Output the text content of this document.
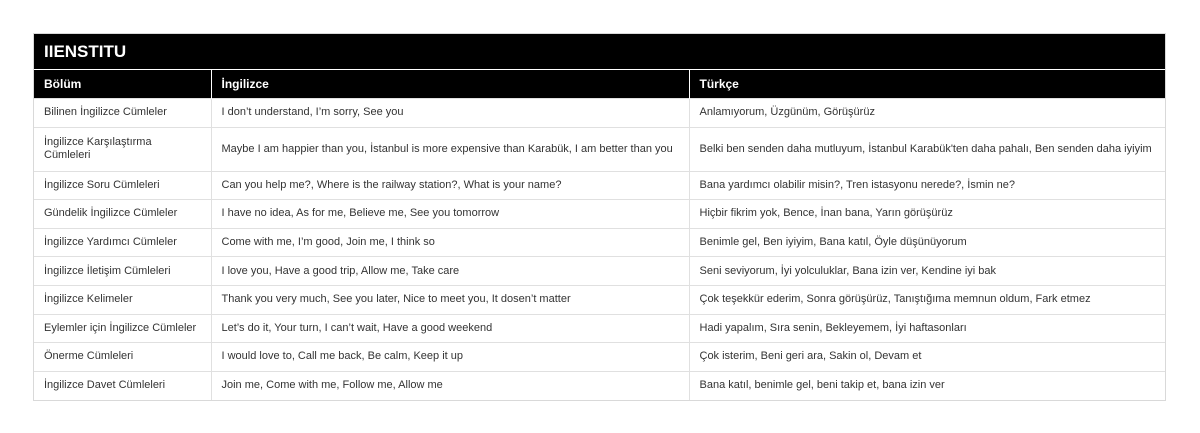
IIENSTITU
Bölüm	İngilizce	Türkçe
Bilinen İngilizce Cümleler	I don’t understand, I’m sorry, See you	Anlamıyorum, Üzgünüm, Görüşürüz
İngilizce Karşılaştırma Cümleleri	Maybe I am happier than you, İstanbul is more expensive than Karabük, I am better than you	Belki ben senden daha mutluyum, İstanbul Karabük'ten daha pahalı, Ben senden daha iyiyim
İngilizce Soru Cümleleri	Can you help me?, Where is the railway station?, What is your name?	Bana yardımcı olabilir misin?, Tren istasyonu nerede?, İsmin ne?
Gündelik İngilizce Cümleler	I have no idea, As for me, Believe me, See you tomorrow	Hiçbir fikrim yok, Bence, İnan bana, Yarın görüşürüz
İngilizce Yardımcı Cümleler	Come with me, I’m good, Join me, I think so	Benimle gel, Ben iyiyim, Bana katıl, Öyle düşünüyorum
İngilizce İletişim Cümleleri	I love you, Have a good trip, Allow me, Take care	Seni seviyorum, İyi yolculuklar, Bana izin ver, Kendine iyi bak
İngilizce Kelimeler	Thank you very much, See you later, Nice to meet you, It dosen’t matter	Çok teşekkür ederim, Sonra görüşürüz, Tanıştığıma memnun oldum, Fark etmez
Eylemler için İngilizce Cümleler	Let’s do it, Your turn, I can’t wait, Have a good weekend	Hadi yapalım, Sıra senin, Bekleyemem, İyi haftasonları
Önerme Cümleleri	I would love to, Call me back, Be calm, Keep it up	Çok isterim, Beni geri ara, Sakin ol, Devam et
İngilizce Davet Cümleleri	Join me, Come with me, Follow me, Allow me	Bana katıl, benimle gel, beni takip et, bana izin ver
